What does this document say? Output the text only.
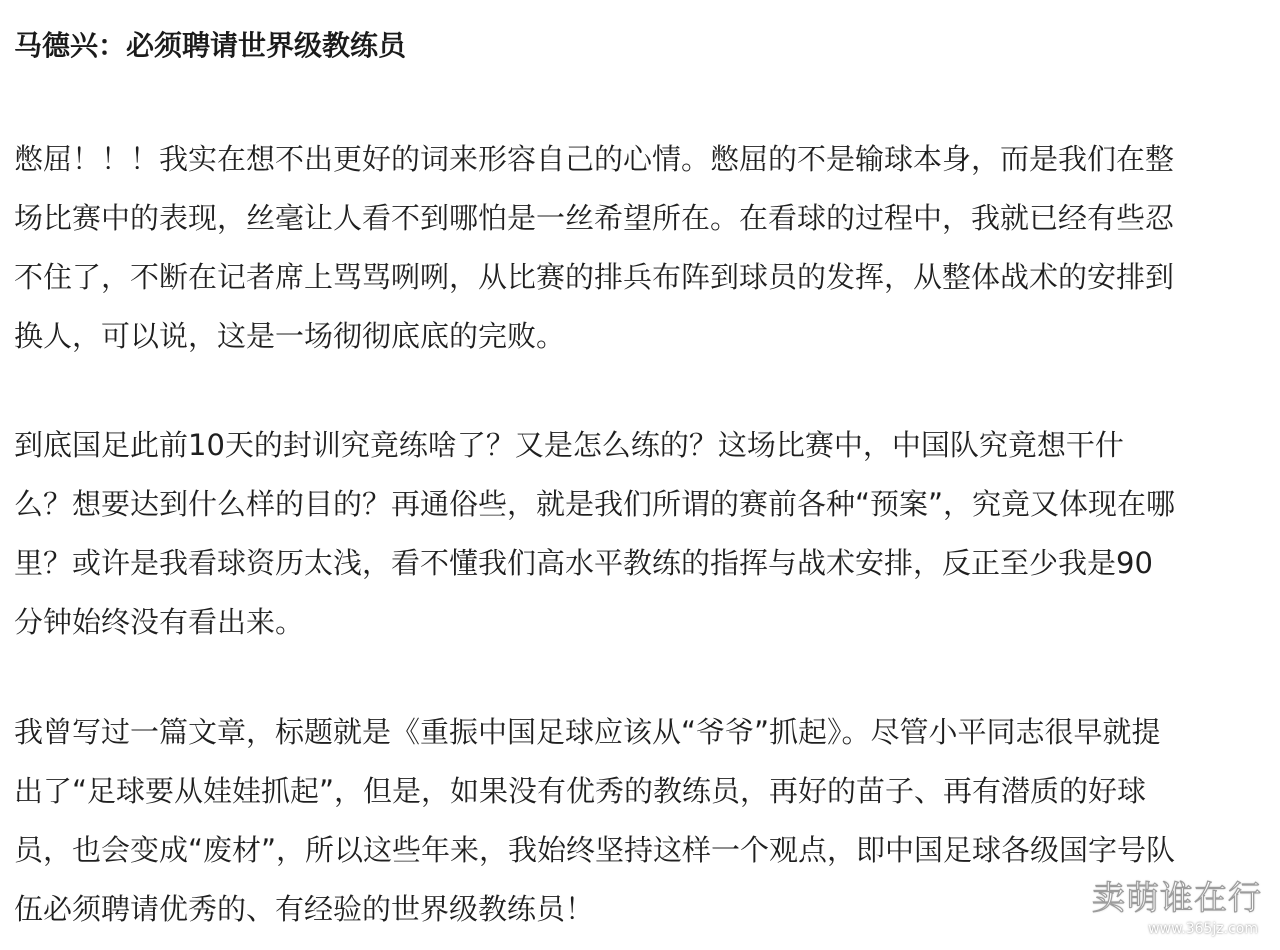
马德兴：必须聘请世界级教练员

憋屈！！！我实在想不出更好的词来形容自己的心情。憋屈的不是输球本身，而是我们在整
场比赛中的表现，丝毫让人看不到哪怕是一丝希望所在。在看球的过程中，我就已经有些忍
不住了，不断在记者席上骂骂咧咧，从比赛的排兵布阵到球员的发挥，从整体战术的安排到
换人，可以说，这是一场彻彻底底的完败。

到底国足此前10天的封训究竟练啥了？又是怎么练的？这场比赛中，中国队究竟想干什
么？想要达到什么样的目的？再通俗些，就是我们所谓的赛前各种“预案”，究竟又体现在哪
里？或许是我看球资历太浅，看不懂我们高水平教练的指挥与战术安排，反正至少我是90
分钟始终没有看出来。

我曾写过一篇文章，标题就是《重振中国足球应该从“爷爷”抓起》。尽管小平同志很早就提
出了“足球要从娃娃抓起”，但是，如果没有优秀的教练员，再好的苗子、再有潜质的好球
员，也会变成“废材”，所以这些年来，我始终坚持这样一个观点，即中国足球各级国字号队
伍必须聘请优秀的、有经验的世界级教练员！	卖萌谁在行
www.365jz.com
